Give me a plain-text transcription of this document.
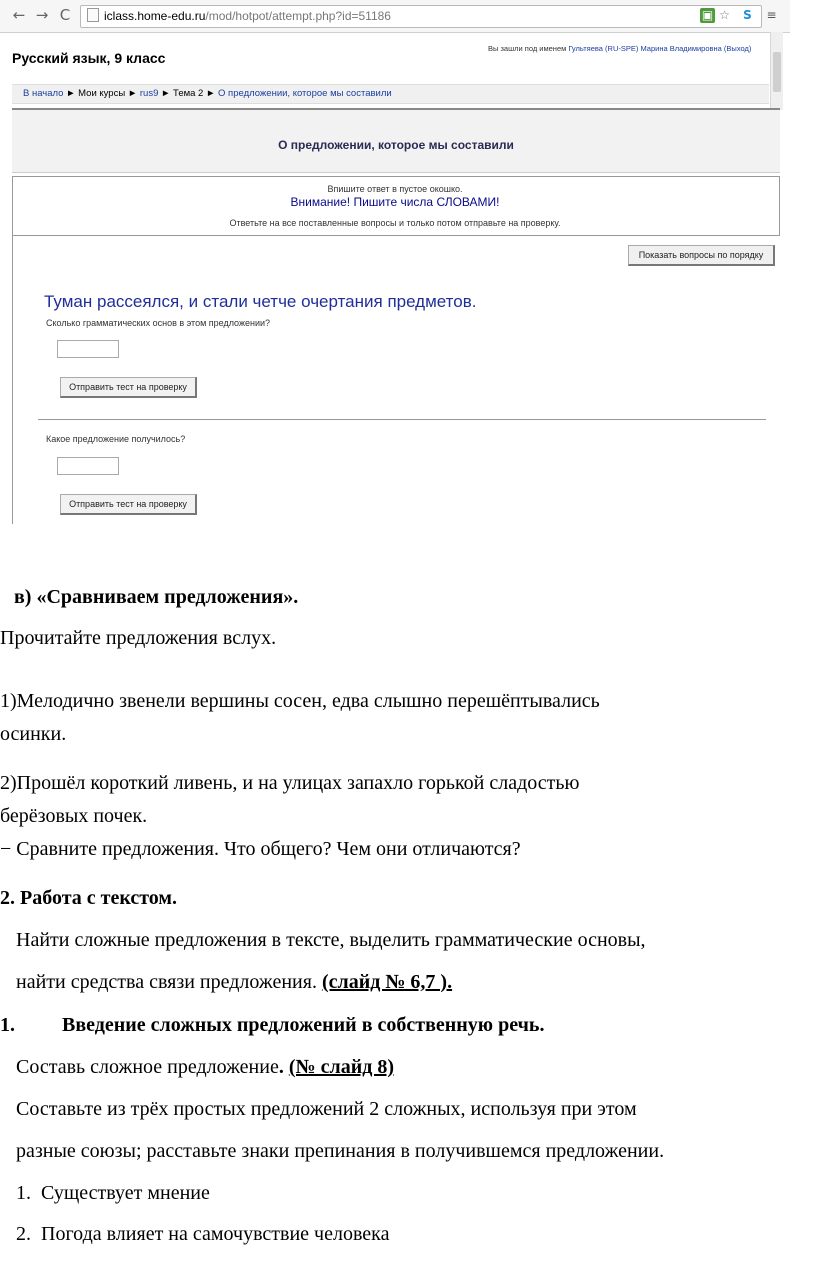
← → C	iclass.home-edu.ru/mod/hotpot/attempt.php?id=51186	▣ ☆ S ≡
Русский язык, 9 класс
Вы зашли под именем Гультяева (RU-SPE) Марина Владимировна (Выход)
В начало ► Мои курсы ► rus9 ► Тема 2 ► О предложении, которое мы составили
О предложении, которое мы составили
Впишите ответ в пустое окошко.
Внимание! Пишите числа СЛОВАМИ!
Ответьте на все поставленные вопросы и только потом отправьте на проверку.
Показать вопросы по порядку
Туман рассеялся, и стали четче очертания предметов.
Сколько грамматических основ в этом предложении?
Отправить тест на проверку
Какое предложение получилось?
Отправить тест на проверку
в) «Сравниваем предложения».
Прочитайте предложения вслух.
1)Мелодично звенели вершины сосен, едва слышно перешёптывались
осинки.
2)Прошёл короткий ливень, и на улицах запахло горькой сладостью
берёзовых почек.
− Сравните предложения. Что общего? Чем они отличаются?
2. Работа с текстом.
Найти сложные предложения в тексте, выделить грамматические основы,
найти средства связи предложения. (слайд № 6,7 ).
1. Введение сложных предложений в собственную речь.
Составь сложное предложение. (№ слайд 8)
Составьте из трёх простых предложений 2 сложных, используя при этом
разные союзы; расставьте знаки препинания в получившемся предложении.
1.  Существует мнение
2.  Погода влияет на самочувствие человека
